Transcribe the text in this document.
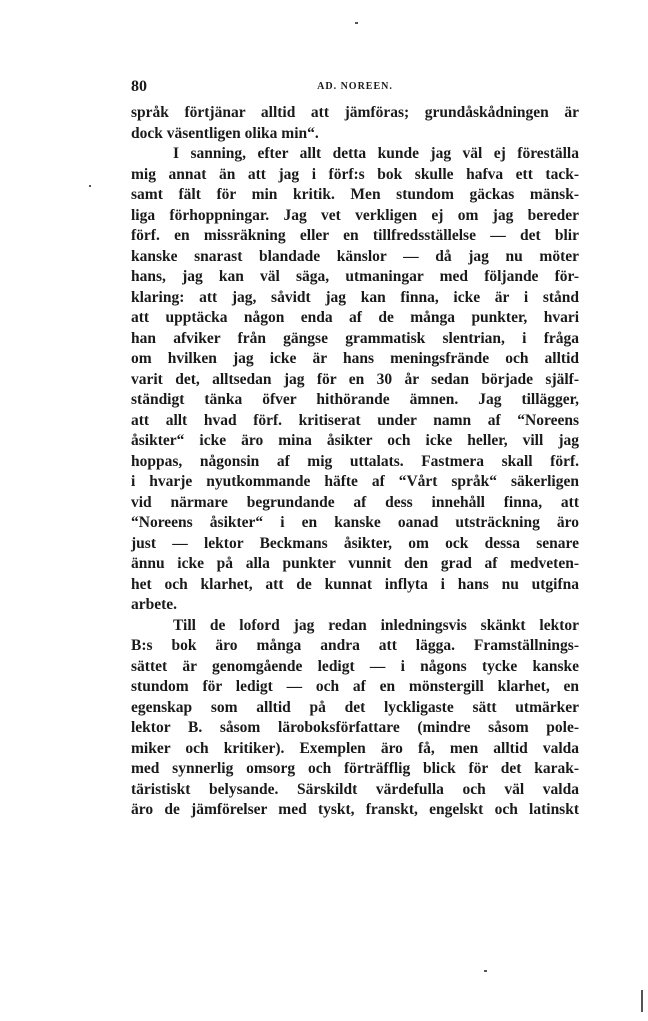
80	AD. NOREEN.
språk förtjänar alltid att jämföras; grundåskådningen är
dock väsentligen olika min“.
I sanning, efter allt detta kunde jag väl ej föreställa
mig annat än att jag i förf:s bok skulle hafva ett tack-
samt fält för min kritik. Men stundom gäckas mänsk-
liga förhoppningar. Jag vet verkligen ej om jag bereder
förf. en missräkning eller en tillfredsställelse — det blir
kanske snarast blandade känslor — då jag nu möter
hans, jag kan väl säga, utmaningar med följande för-
klaring: att jag, såvidt jag kan finna, icke är i stånd
att upptäcka någon enda af de många punkter, hvari
han afviker från gängse grammatisk slentrian, i fråga
om hvilken jag icke är hans meningsfrände och alltid
varit det, alltsedan jag för en 30 år sedan började själf-
ständigt tänka öfver hithörande ämnen. Jag tillägger,
att allt hvad förf. kritiserat under namn af “Noreens
åsikter“ icke äro mina åsikter och icke heller, vill jag
hoppas, någonsin af mig uttalats. Fastmera skall förf.
i hvarje nyutkommande häfte af “Vårt språk“ säkerligen
vid närmare begrundande af dess innehåll finna, att
“Noreens åsikter“ i en kanske oanad utsträckning äro
just — lektor Beckmans åsikter, om ock dessa senare
ännu icke på alla punkter vunnit den grad af medveten-
het och klarhet, att de kunnat inflyta i hans nu utgifna
arbete.
Till de loford jag redan inledningsvis skänkt lektor
B:s bok äro många andra att lägga. Framställnings-
sättet är genomgående ledigt — i någons tycke kanske
stundom för ledigt — och af en mönstergill klarhet, en
egenskap som alltid på det lyckligaste sätt utmärker
lektor B. såsom läroboksförfattare (mindre såsom pole-
miker och kritiker). Exemplen äro få, men alltid valda
med synnerlig omsorg och förträfflig blick för det karak-
täristiskt belysande. Särskildt värdefulla och väl valda
äro de jämförelser med tyskt, franskt, engelskt och latinskt
